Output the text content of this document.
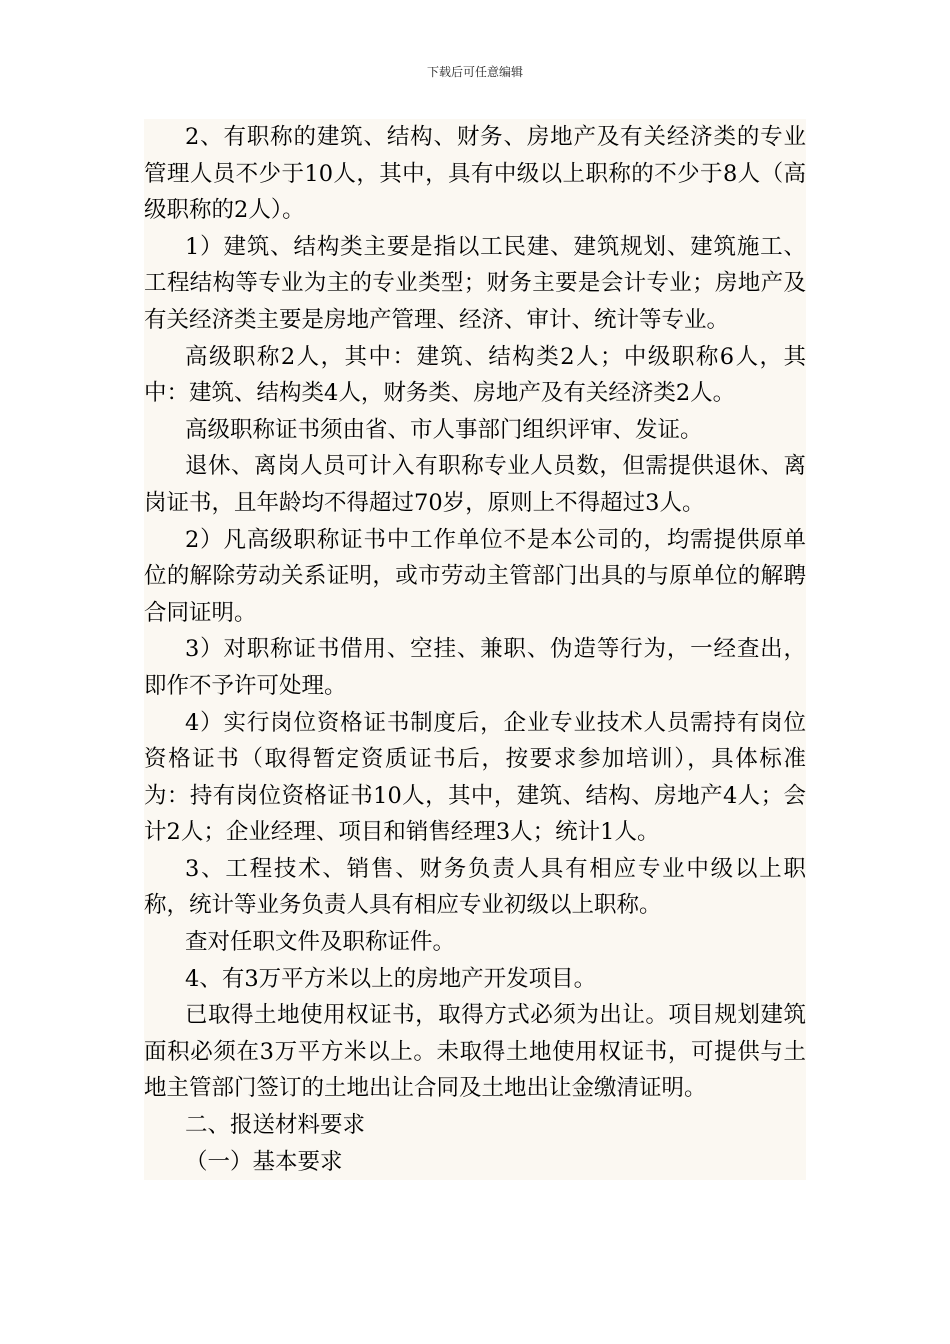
下载后可任意编辑

2、有职称的建筑、结构、财务、房地产及有关经济类的专业管理人员不少于10人，其中，具有中级以上职称的不少于8人（高级职称的2人）。

1）建筑、结构类主要是指以工民建、建筑规划、建筑施工、工程结构等专业为主的专业类型；财务主要是会计专业；房地产及有关经济类主要是房地产管理、经济、审计、统计等专业。

高级职称2人，其中：建筑、结构类2人；中级职称6人，其中：建筑、结构类4人，财务类、房地产及有关经济类2人。

高级职称证书须由省、市人事部门组织评审、发证。

退休、离岗人员可计入有职称专业人员数，但需提供退休、离岗证书，且年龄均不得超过70岁，原则上不得超过3人。

2）凡高级职称证书中工作单位不是本公司的，均需提供原单位的解除劳动关系证明，或市劳动主管部门出具的与原单位的解聘合同证明。

3）对职称证书借用、空挂、兼职、伪造等行为，一经查出，即作不予许可处理。

4）实行岗位资格证书制度后，企业专业技术人员需持有岗位资格证书（取得暂定资质证书后，按要求参加培训），具体标准为：持有岗位资格证书10人，其中，建筑、结构、房地产4人；会计2人；企业经理、项目和销售经理3人；统计1人。

3、工程技术、销售、财务负责人具有相应专业中级以上职称，统计等业务负责人具有相应专业初级以上职称。

查对任职文件及职称证件。

4、有3万平方米以上的房地产开发项目。

已取得土地使用权证书，取得方式必须为出让。项目规划建筑面积必须在3万平方米以上。未取得土地使用权证书，可提供与土地主管部门签订的土地出让合同及土地出让金缴清证明。

二、报送材料要求

（一）基本要求
